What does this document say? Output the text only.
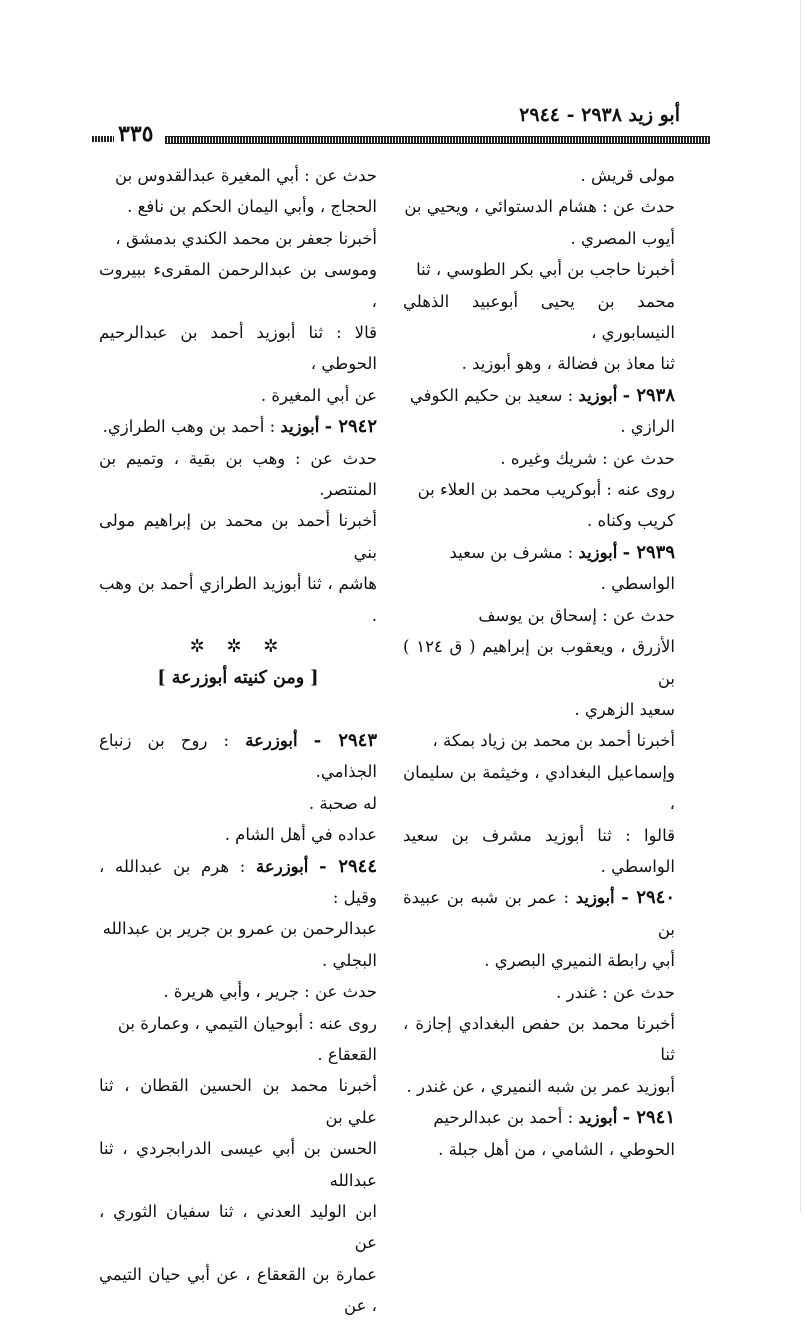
أبو زيد ٢٩٣٨ - ٢٩٤٤
٣٣٥

مولى قريش .

حدث عن : هشام الدستوائي ، ويحيي بن

أيوب المصري .

أخبرنا حاجب بن أبي بكر الطوسي ، ثنا

محمد بن يحيى أبوعبيد الذهلي النيسابوري ،

ثنا معاذ بن فضالة ، وهو أبوزيد .

٢٩٣٨ - أبوزيد : سعيد بن حكيم الكوفي

الرازي .

حدث عن : شريك وغيره .

روى عنه : أبوكريب محمد بن العلاء بن

كريب وكناه .

٢٩٣٩ - أبوزيد : مشرف بن سعيد

الواسطي .

حدث عن : إسحاق بن يوسف

الأزرق ، ويعقوب بن إبراهيم ( ق ١٢٤ ) بن

سعيد الزهري .

أخبرنا أحمد بن محمد بن زياد بمكة ،

وإسماعيل البغدادي ، وخيثمة بن سليمان ،

قالوا : ثنا أبوزيد مشرف بن سعيد الواسطي .

٢٩٤٠ - أبوزيد : عمر بن شبه بن عبيدة بن

أبي رابطة النميري البصري .

حدث عن : غندر .

أخبرنا محمد بن حفص البغدادي إجازة ، ثنا

أبوزيد عمر بن شبه النميري ، عن غندر .

٢٩٤١ - أبوزيد : أحمد بن عبدالرحيم

الحوطي ، الشامي ، من أهل جبلة .

حدث عن : أبي المغيرة عبدالقدوس بن

الحجاج ، وأبي اليمان الحكم بن نافع .

أخبرنا جعفر بن محمد الكندي بدمشق ،

وموسى بن عبدالرحمن المقرىء ببيروت ،

قالا : ثنا أبوزيد أحمد بن عبدالرحيم الحوطي ،

عن أبي المغيرة .

٢٩٤٢ - أبوزيد : أحمد بن وهب الطرازي.

حدث عن : وهب بن بقية ، وتميم بن المنتصر.

أخبرنا أحمد بن محمد بن إبراهيم مولى بني

هاشم ، ثنا أبوزيد الطرازي أحمد بن وهب .

✲ ✲ ✲

[ ومن كنيته أبوزرعة ]

٢٩٤٣ - أبوزرعة : روح بن زنباع الجذامي.

له صحبة .

عداده في أهل الشام .

٢٩٤٤ - أبوزرعة : هرم بن عبدالله ، وقيل :

عبدالرحمن بن عمرو بن جرير بن عبدالله

البجلي .

حدث عن : جرير ، وأبي هريرة .

روى عنه : أبوحيان التيمي ، وعمارة بن

القعقاع .

أخبرنا محمد بن الحسين القطان ، ثنا علي بن

الحسن بن أبي عيسى الدرابجردي ، ثنا عبدالله

ابن الوليد العدني ، ثنا سفيان الثوري ، عن

عمارة بن القعقاع ، عن أبي حيان التيمي ، عن
